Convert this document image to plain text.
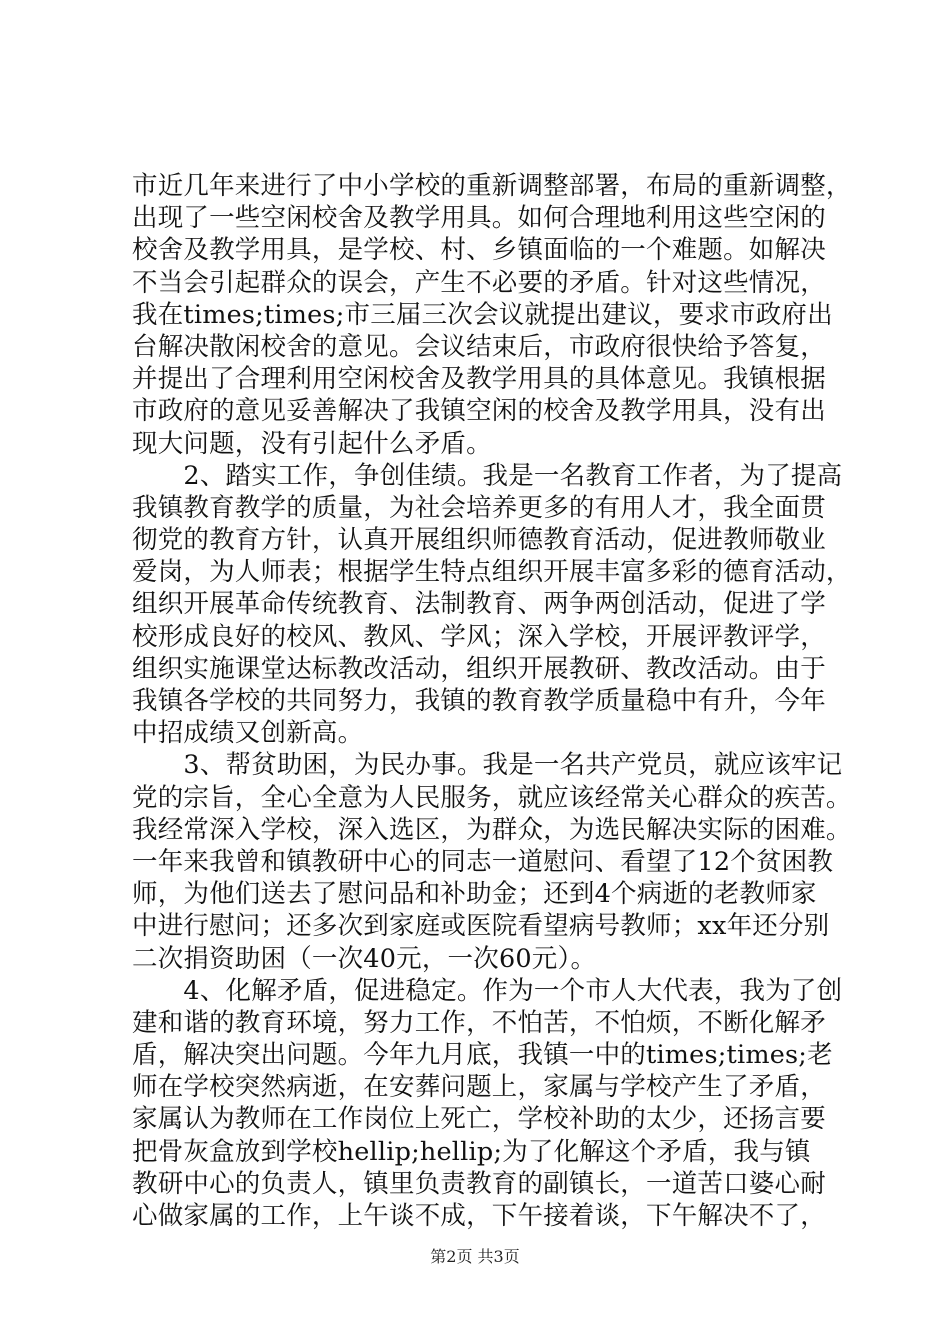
市近几年来进行了中小学校的重新调整部署，布局的重新调整，
出现了一些空闲校舍及教学用具。如何合理地利用这些空闲的
校舍及教学用具，是学校、村、乡镇面临的一个难题。如解决
不当会引起群众的误会，产生不必要的矛盾。针对这些情况，
我在times;times;市三届三次会议就提出建议，要求市政府出
台解决散闲校舍的意见。会议结束后，市政府很快给予答复，
并提出了合理利用空闲校舍及教学用具的具体意见。我镇根据
市政府的意见妥善解决了我镇空闲的校舍及教学用具，没有出
现大问题，没有引起什么矛盾。
　　2、踏实工作，争创佳绩。我是一名教育工作者，为了提高
我镇教育教学的质量，为社会培养更多的有用人才，我全面贯
彻党的教育方针，认真开展组织师德教育活动，促进教师敬业
爱岗，为人师表；根据学生特点组织开展丰富多彩的德育活动，
组织开展革命传统教育、法制教育、两争两创活动，促进了学
校形成良好的校风、教风、学风；深入学校，开展评教评学，
组织实施课堂达标教改活动，组织开展教研、教改活动。由于
我镇各学校的共同努力，我镇的教育教学质量稳中有升，今年
中招成绩又创新高。
　　3、帮贫助困，为民办事。我是一名共产党员，就应该牢记
党的宗旨，全心全意为人民服务，就应该经常关心群众的疾苦。
我经常深入学校，深入选区，为群众，为选民解决实际的困难。
一年来我曾和镇教研中心的同志一道慰问、看望了12个贫困教
师，为他们送去了慰问品和补助金；还到4个病逝的老教师家
中进行慰问；还多次到家庭或医院看望病号教师；xx年还分别
二次捐资助困（一次40元，一次60元）。
　　4、化解矛盾，促进稳定。作为一个市人大代表，我为了创
建和谐的教育环境，努力工作，不怕苦，不怕烦，不断化解矛
盾，解决突出问题。今年九月底，我镇一中的times;times;老
师在学校突然病逝，在安葬问题上，家属与学校产生了矛盾，
家属认为教师在工作岗位上死亡，学校补助的太少，还扬言要
把骨灰盒放到学校hellip;hellip;为了化解这个矛盾，我与镇
教研中心的负责人，镇里负责教育的副镇长，一道苦口婆心耐
心做家属的工作，上午谈不成，下午接着谈，下午解决不了，
第2页 共3页
